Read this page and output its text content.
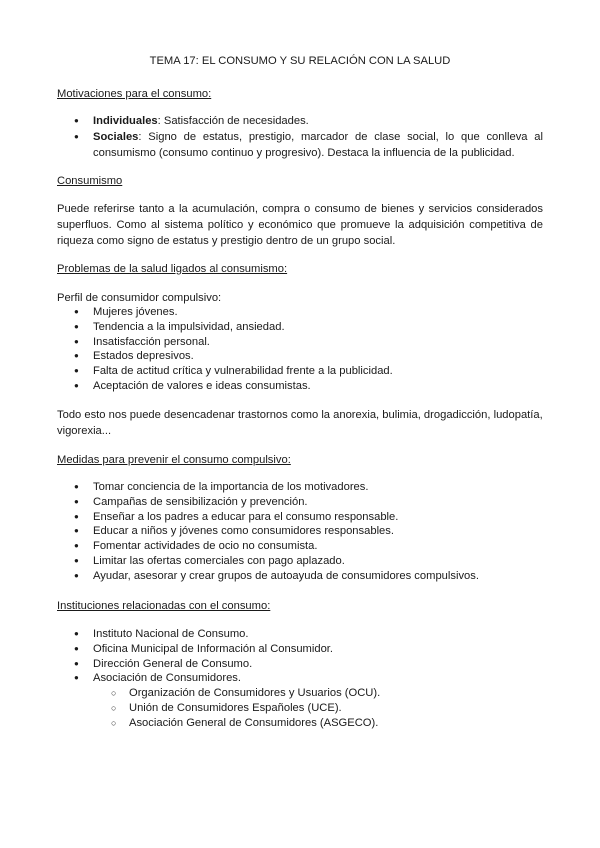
TEMA 17: EL CONSUMO Y SU RELACIÓN CON LA SALUD
Motivaciones para el consumo:
● Individuales: Satisfacción de necesidades.
● Sociales: Signo de estatus, prestigio, marcador de clase social, lo que conlleva al consumismo (consumo continuo y progresivo). Destaca la influencia de la publicidad.
Consumismo
Puede referirse tanto a la acumulación, compra o consumo de bienes y servicios considerados superfluos. Como al sistema político y económico que promueve la adquisición competitiva de riqueza como signo de estatus y prestigio dentro de un grupo social.
Problemas de la salud ligados al consumismo:
Perfil de consumidor compulsivo:
● Mujeres jóvenes.
● Tendencia a la impulsividad, ansiedad.
● Insatisfacción personal.
● Estados depresivos.
● Falta de actitud crítica y vulnerabilidad frente a la publicidad.
● Aceptación de valores e ideas consumistas.
Todo esto nos puede desencadenar trastornos como la anorexia, bulimia, drogadicción, ludopatía, vigorexia...
Medidas para prevenir el consumo compulsivo:
● Tomar conciencia de la importancia de los motivadores.
● Campañas de sensibilización y prevención.
● Enseñar a los padres a educar para el consumo responsable.
● Educar a niños y jóvenes como consumidores responsables.
● Fomentar actividades de ocio no consumista.
● Limitar las ofertas comerciales con pago aplazado.
● Ayudar, asesorar y crear grupos de autoayuda de consumidores compulsivos.
Instituciones relacionadas con el consumo:
● Instituto Nacional de Consumo.
● Oficina Municipal de Información al Consumidor.
● Dirección General de Consumo.
● Asociación de Consumidores.
○ Organización de Consumidores y Usuarios (OCU).
○ Unión de Consumidores Españoles (UCE).
○ Asociación General de Consumidores (ASGECO).
